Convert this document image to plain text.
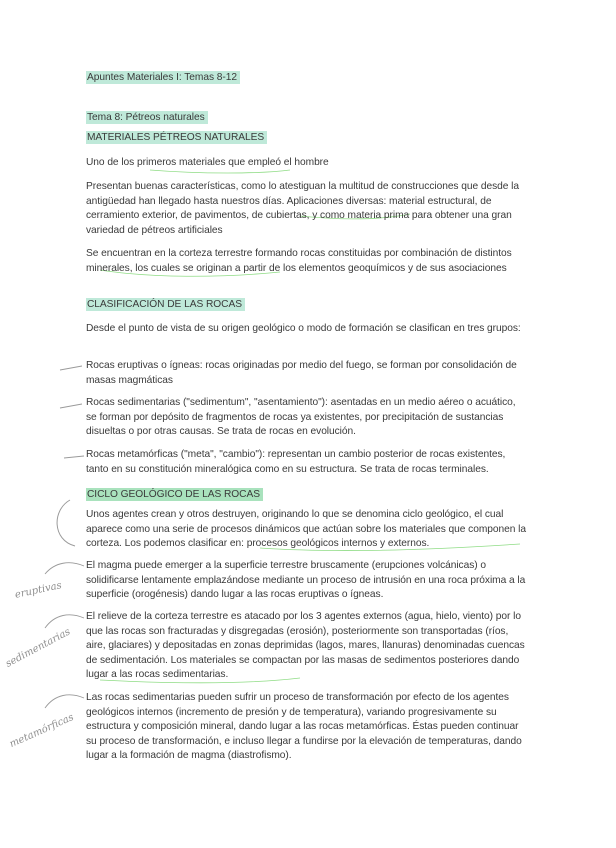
eruptivas
sedimentarias
metamórficas
Apuntes Materiales I: Temas 8-12
Tema 8: Pétreos naturales
MATERIALES PÉTREOS NATURALES
Uno de los primeros materiales que empleó el hombre
Presentan buenas características, como lo atestiguan la multitud de construcciones que desde la antigüedad han llegado hasta nuestros días. Aplicaciones diversas: material estructural, de cerramiento exterior, de pavimentos, de cubiertas, y como materia prima para obtener una gran variedad de pétreos artificiales
Se encuentran en la corteza terrestre formando rocas constituidas por combinación de distintos minerales, los cuales se originan a partir de los elementos geoquímicos y de sus asociaciones
CLASIFICACIÓN DE LAS ROCAS
Desde el punto de vista de su origen geológico o modo de formación se clasifican en tres grupos:
Rocas eruptivas o ígneas: rocas originadas por medio del fuego, se forman por consolidación de masas magmáticas
Rocas sedimentarias ("sedimentum", "asentamiento"): asentadas en un medio aéreo o acuático, se forman por depósito de fragmentos de rocas ya existentes, por precipitación de sustancias disueltas o por otras causas. Se trata de rocas en evolución.
Rocas metamórficas ("meta", "cambio"): representan un cambio posterior de rocas existentes, tanto en su constitución mineralógica como en su estructura. Se trata de rocas terminales.
CICLO GEOLÓGICO DE LAS ROCAS
Unos agentes crean y otros destruyen, originando lo que se denomina ciclo geológico, el cual aparece como una serie de procesos dinámicos que actúan sobre los materiales que componen la corteza. Los podemos clasificar en: procesos geológicos internos y externos.
El magma puede emerger a la superficie terrestre bruscamente (erupciones volcánicas) o solidificarse lentamente emplazándose mediante un proceso de intrusión en una roca próxima a la superficie (orogénesis) dando lugar a las rocas eruptivas o ígneas.
El relieve de la corteza terrestre es atacado por los 3 agentes externos (agua, hielo, viento) por lo que las rocas son fracturadas y disgregadas (erosión), posteriormente son transportadas (ríos, aire, glaciares) y depositadas en zonas deprimidas (lagos, mares, llanuras) denominadas cuencas de sedimentación. Los materiales se compactan por las masas de sedimentos posteriores dando lugar a las rocas sedimentarias.
Las rocas sedimentarias pueden sufrir un proceso de transformación por efecto de los agentes geológicos internos (incremento de presión y de temperatura), variando progresivamente su estructura y composición mineral, dando lugar a las rocas metamórficas. Éstas pueden continuar su proceso de transformación, e incluso llegar a fundirse por la elevación de temperaturas, dando lugar a la formación de magma (diastrofismo).
